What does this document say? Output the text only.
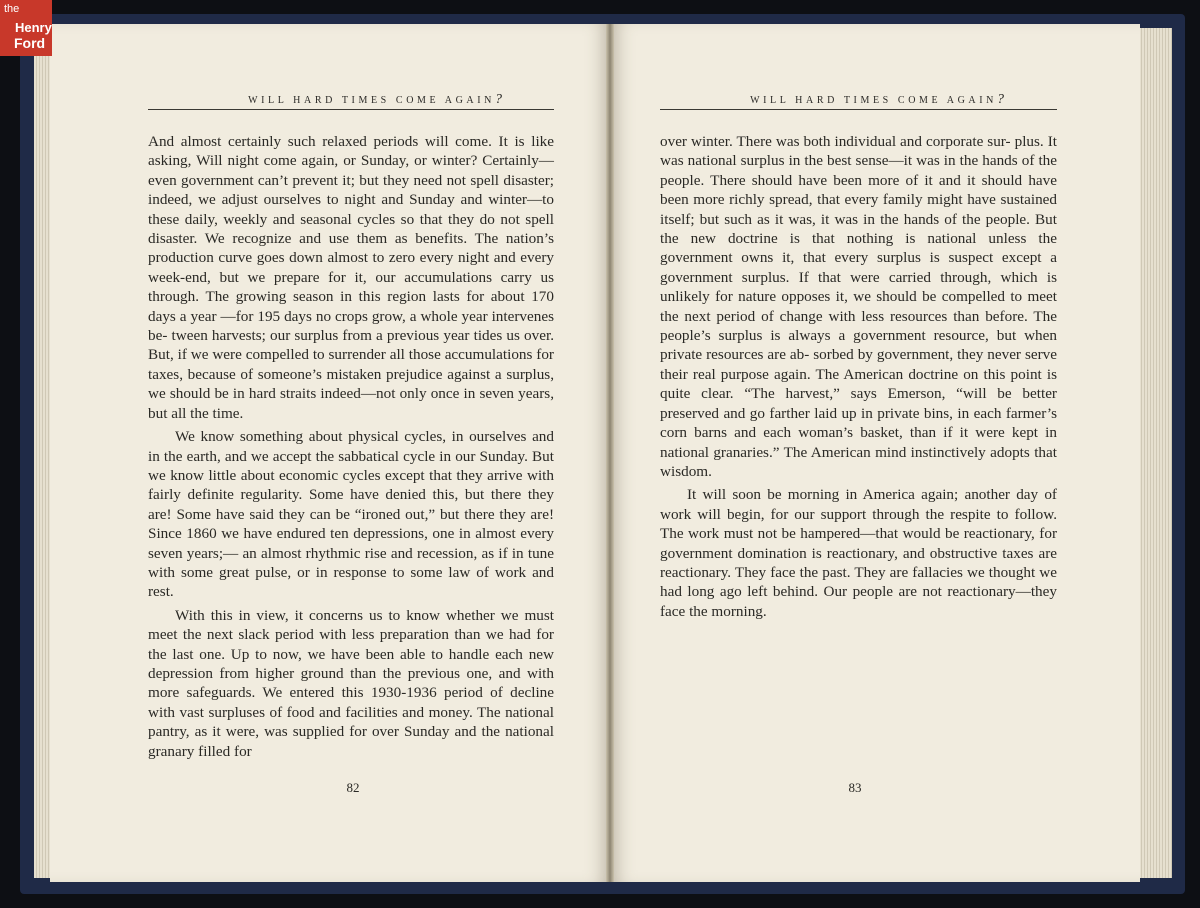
WILL HARD TIMES COME AGAIN?

And almost certainly such relaxed periods will come. It is like asking, Will night come again, or Sunday, or winter? Certainly—even government can’t prevent it; but they need not spell disaster; indeed, we adjust ourselves to night and Sunday and winter—to these daily, weekly and seasonal cycles so that they do not spell disaster. We recognize and use them as benefits. The nation’s production curve goes down almost to zero every night and every week-end, but we prepare for it, our accumulations carry us through. The growing season in this region lasts for about 170 days a year —for 195 days no crops grow, a whole year intervenes be- tween harvests; our surplus from a previous year tides us over. But, if we were compelled to surrender all those accumulations for taxes, because of someone’s mistaken prejudice against a surplus, we should be in hard straits indeed—not only once in seven years, but all the time.

We know something about physical cycles, in ourselves and in the earth, and we accept the sabbatical cycle in our Sunday. But we know little about economic cycles except that they arrive with fairly definite regularity. Some have denied this, but there they are! Some have said they can be “ironed out,” but there they are! Since 1860 we have endured ten depressions, one in almost every seven years;— an almost rhythmic rise and recession, as if in tune with some great pulse, or in response to some law of work and rest.

With this in view, it concerns us to know whether we must meet the next slack period with less preparation than we had for the last one. Up to now, we have been able to handle each new depression from higher ground than the previous one, and with more safeguards. We entered this 1930-1936 period of decline with vast surpluses of food and facilities and money. The national pantry, as it were, was supplied for over Sunday and the national granary filled for

82
WILL HARD TIMES COME AGAIN?

over winter. There was both individual and corporate sur- plus. It was national surplus in the best sense—it was in the hands of the people. There should have been more of it and it should have been more richly spread, that every family might have sustained itself; but such as it was, it was in the hands of the people. But the new doctrine is that nothing is national unless the government owns it, that every surplus is suspect except a government surplus. If that were carried through, which is unlikely for nature opposes it, we should be compelled to meet the next period of change with less resources than before. The people’s surplus is always a government resource, but when private resources are ab- sorbed by government, they never serve their real purpose again. The American doctrine on this point is quite clear. “The harvest,” says Emerson, “will be better preserved and go farther laid up in private bins, in each farmer’s corn barns and each woman’s basket, than if it were kept in national granaries.” The American mind instinctively adopts that wisdom.

It will soon be morning in America again; another day of work will begin, for our support through the respite to follow. The work must not be hampered—that would be reactionary, for government domination is reactionary, and obstructive taxes are reactionary. They face the past. They are fallacies we thought we had long ago left behind. Our people are not reactionary—they face the morning.

83
the
Henry
Ford
